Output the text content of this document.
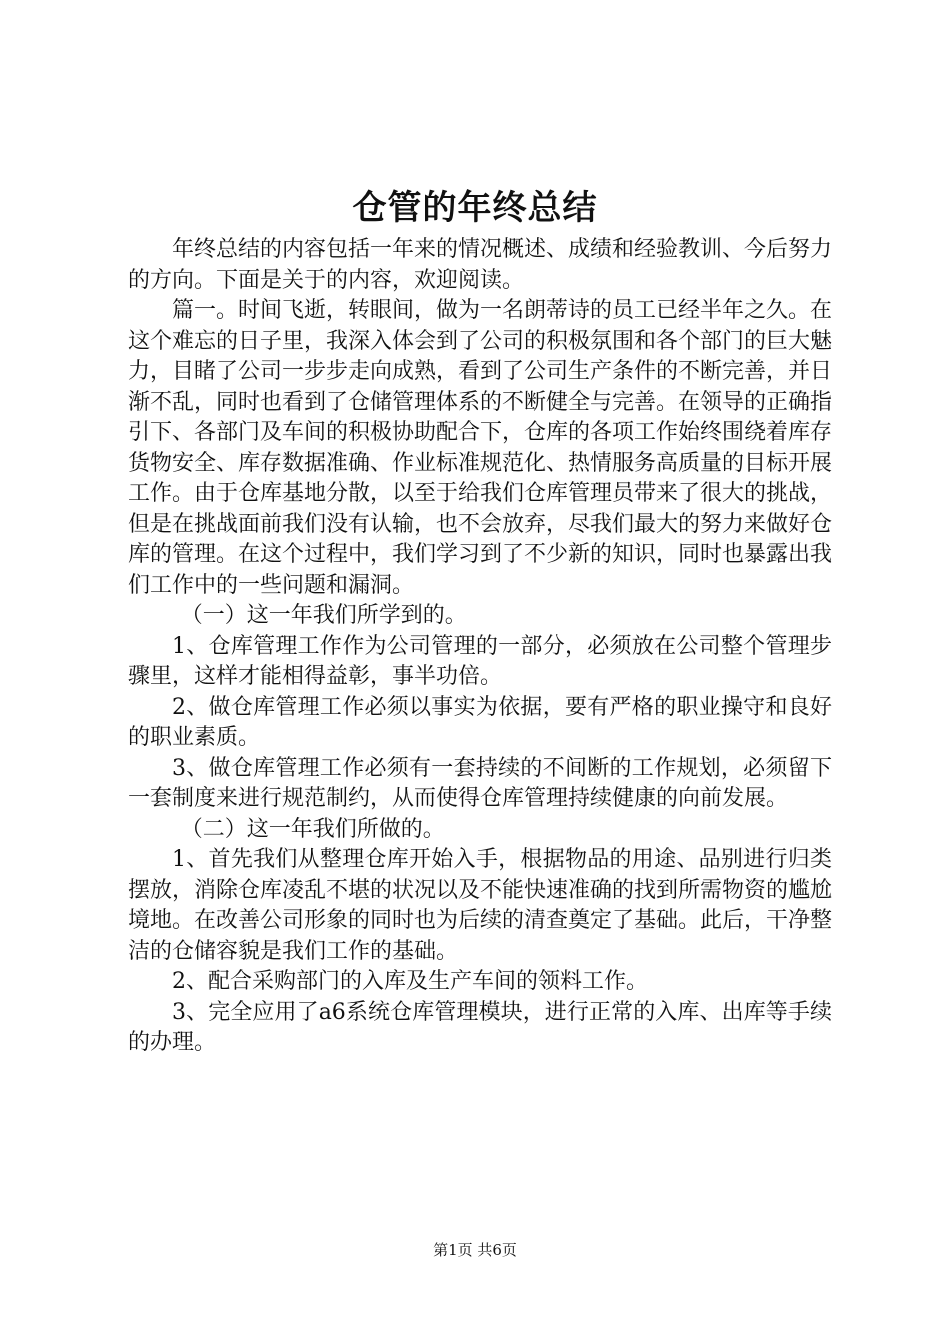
仓管的年终总结

年终总结的内容包括一年来的情况概述、成绩和经验教训、今后努力的方向。下面是关于的内容，欢迎阅读。

篇一。时间飞逝，转眼间，做为一名朗蒂诗的员工已经半年之久。在这个难忘的日子里，我深入体会到了公司的积极氛围和各个部门的巨大魅力，目睹了公司一步步走向成熟，看到了公司生产条件的不断完善，并日渐不乱，同时也看到了仓储管理体系的不断健全与完善。在领导的正确指引下、各部门及车间的积极协助配合下，仓库的各项工作始终围绕着库存货物安全、库存数据准确、作业标准规范化、热情服务高质量的目标开展工作。由于仓库基地分散，以至于给我们仓库管理员带来了很大的挑战，但是在挑战面前我们没有认输，也不会放弃，尽我们最大的努力来做好仓库的管理。在这个过程中，我们学习到了不少新的知识，同时也暴露出我们工作中的一些问题和漏洞。

（一）这一年我们所学到的。

1、仓库管理工作作为公司管理的一部分，必须放在公司整个管理步骤里，这样才能相得益彰，事半功倍。

2、做仓库管理工作必须以事实为依据，要有严格的职业操守和良好的职业素质。

3、做仓库管理工作必须有一套持续的不间断的工作规划，必须留下一套制度来进行规范制约，从而使得仓库管理持续健康的向前发展。

（二）这一年我们所做的。

1、首先我们从整理仓库开始入手，根据物品的用途、品别进行归类摆放，消除仓库凌乱不堪的状况以及不能快速准确的找到所需物资的尴尬境地。在改善公司形象的同时也为后续的清查奠定了基础。此后，干净整洁的仓储容貌是我们工作的基础。

2、配合采购部门的入库及生产车间的领料工作。

3、完全应用了a6系统仓库管理模块，进行正常的入库、出库等手续的办理。

第1页 共6页
